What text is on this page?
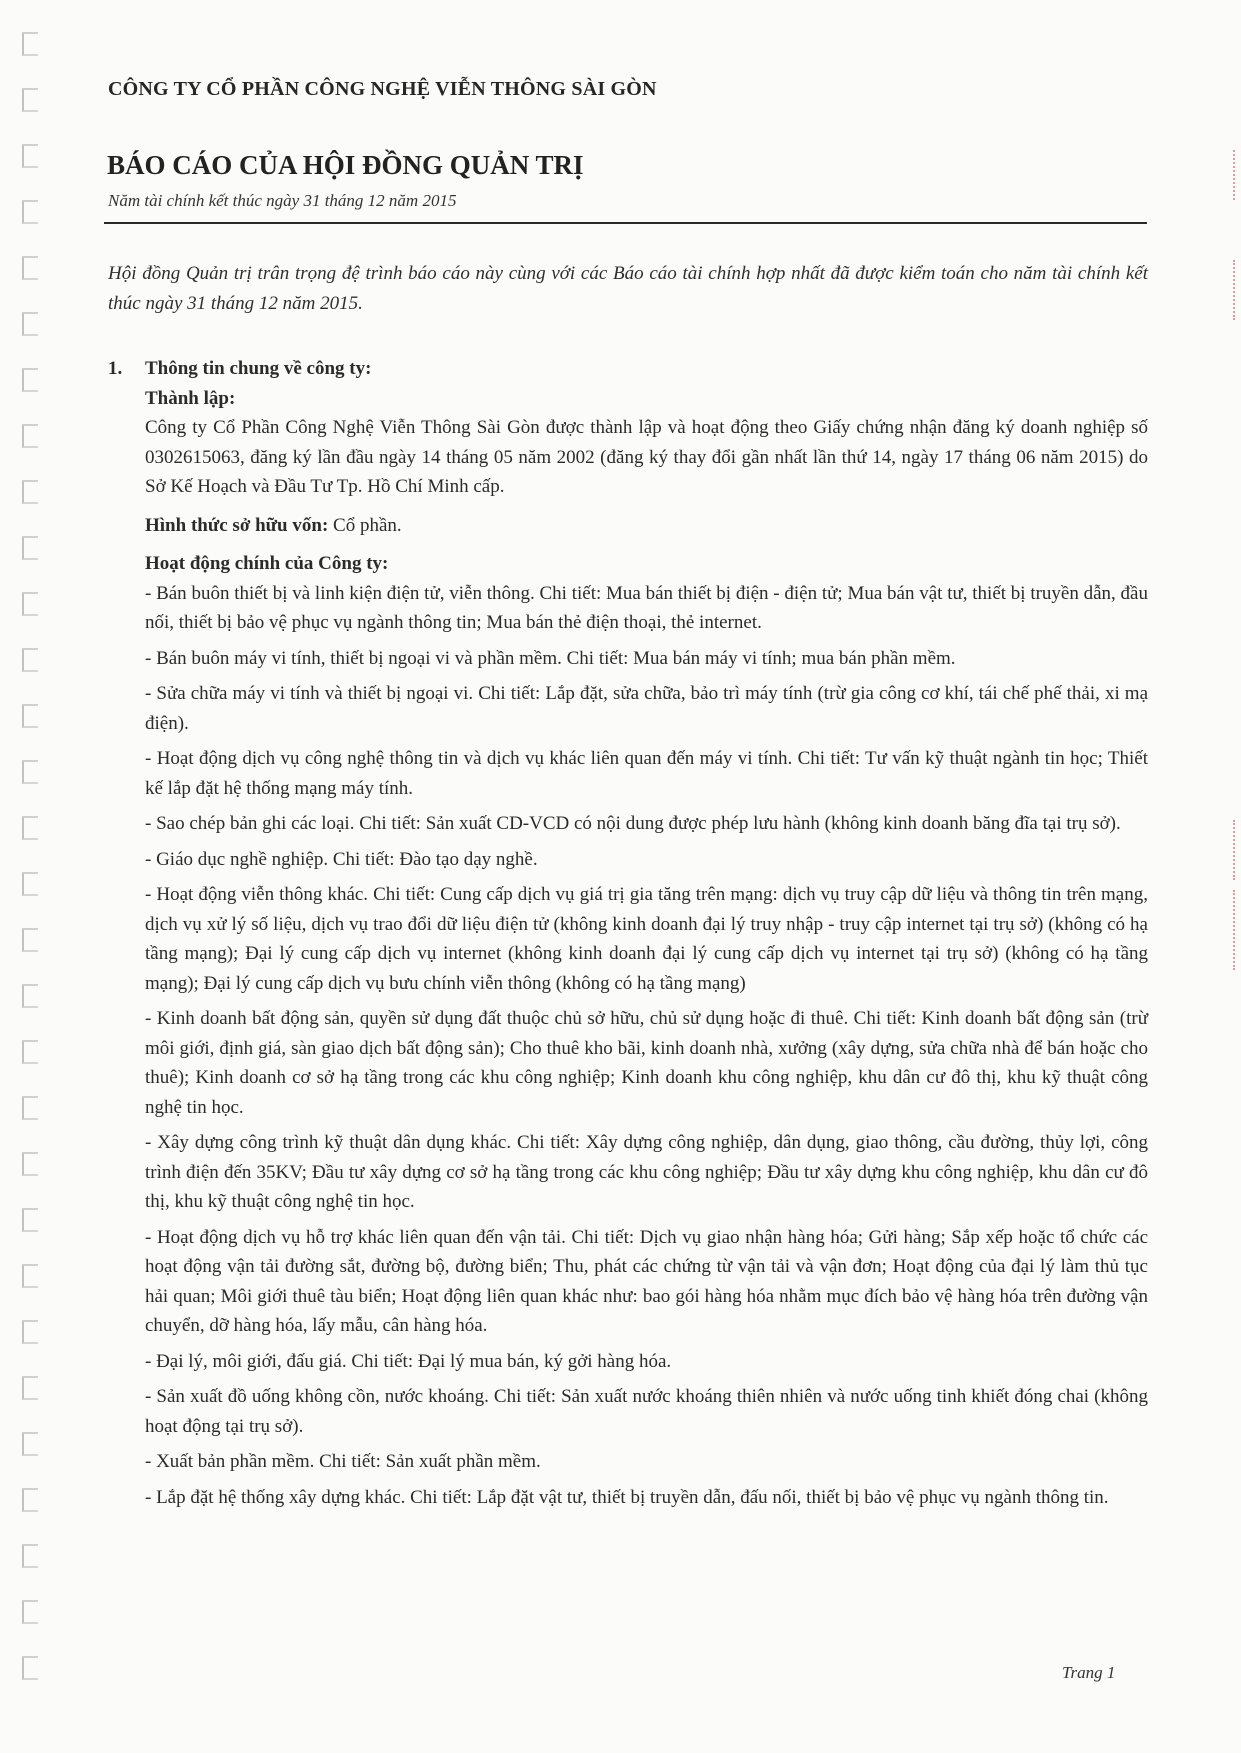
CÔNG TY CỔ PHẦN CÔNG NGHỆ VIỄN THÔNG SÀI GÒN
BÁO CÁO CỦA HỘI ĐỒNG QUẢN TRỊ
Năm tài chính kết thúc ngày 31 tháng 12 năm 2015
Hội đồng Quản trị trân trọng đệ trình báo cáo này cùng với các Báo cáo tài chính hợp nhất đã được kiểm toán cho năm tài chính kết thúc ngày 31 tháng 12 năm 2015.
1.	Thông tin chung về công ty:
Thành lập:
Công ty Cổ Phần Công Nghệ Viễn Thông Sài Gòn được thành lập và hoạt động theo Giấy chứng nhận đăng ký doanh nghiệp số 0302615063, đăng ký lần đầu ngày 14 tháng 05 năm 2002 (đăng ký thay đổi gần nhất lần thứ 14, ngày 17 tháng 06 năm 2015) do Sở Kế Hoạch và Đầu Tư Tp. Hồ Chí Minh cấp.
Hình thức sở hữu vốn: Cổ phần.
Hoạt động chính của Công ty:
- Bán buôn thiết bị và linh kiện điện tử, viễn thông. Chi tiết: Mua bán thiết bị điện - điện tử; Mua bán vật tư, thiết bị truyền dẫn, đầu nối, thiết bị bảo vệ phục vụ ngành thông tin; Mua bán thẻ điện thoại, thẻ internet.
- Bán buôn máy vi tính, thiết bị ngoại vi và phần mềm. Chi tiết: Mua bán máy vi tính; mua bán phần mềm.
- Sửa chữa máy vi tính và thiết bị ngoại vi. Chi tiết: Lắp đặt, sửa chữa, bảo trì máy tính (trừ gia công cơ khí, tái chế phế thải, xi mạ điện).
- Hoạt động dịch vụ công nghệ thông tin và dịch vụ khác liên quan đến máy vi tính. Chi tiết: Tư vấn kỹ thuật ngành tin học; Thiết kế lắp đặt hệ thống mạng máy tính.
- Sao chép bản ghi các loại. Chi tiết: Sản xuất CD-VCD có nội dung được phép lưu hành (không kinh doanh băng đĩa tại trụ sở).
- Giáo dục nghề nghiệp. Chi tiết: Đào tạo dạy nghề.
- Hoạt động viễn thông khác. Chi tiết: Cung cấp dịch vụ giá trị gia tăng trên mạng: dịch vụ truy cập dữ liệu và thông tin trên mạng, dịch vụ xử lý số liệu, dịch vụ trao đổi dữ liệu điện tử (không kinh doanh đại lý truy nhập - truy cập internet tại trụ sở) (không có hạ tầng mạng); Đại lý cung cấp dịch vụ internet (không kinh doanh đại lý cung cấp dịch vụ internet tại trụ sở) (không có hạ tầng mạng); Đại lý cung cấp dịch vụ bưu chính viễn thông (không có hạ tầng mạng)
- Kinh doanh bất động sản, quyền sử dụng đất thuộc chủ sở hữu, chủ sử dụng hoặc đi thuê. Chi tiết: Kinh doanh bất động sản (trừ môi giới, định giá, sàn giao dịch bất động sản); Cho thuê kho bãi, kinh doanh nhà, xưởng (xây dựng, sửa chữa nhà để bán hoặc cho thuê); Kinh doanh cơ sở hạ tầng trong các khu công nghiệp; Kinh doanh khu công nghiệp, khu dân cư đô thị, khu kỹ thuật công nghệ tin học.
- Xây dựng công trình kỹ thuật dân dụng khác. Chi tiết: Xây dựng công nghiệp, dân dụng, giao thông, cầu đường, thủy lợi, công trình điện đến 35KV; Đầu tư xây dựng cơ sở hạ tầng trong các khu công nghiệp; Đầu tư xây dựng khu công nghiệp, khu dân cư đô thị, khu kỹ thuật công nghệ tin học.
- Hoạt động dịch vụ hỗ trợ khác liên quan đến vận tải. Chi tiết: Dịch vụ giao nhận hàng hóa; Gửi hàng; Sắp xếp hoặc tổ chức các hoạt động vận tải đường sắt, đường bộ, đường biển; Thu, phát các chứng từ vận tải và vận đơn; Hoạt động của đại lý làm thủ tục hải quan; Môi giới thuê tàu biển; Hoạt động liên quan khác như: bao gói hàng hóa nhằm mục đích bảo vệ hàng hóa trên đường vận chuyển, dỡ hàng hóa, lấy mẫu, cân hàng hóa.
- Đại lý, môi giới, đấu giá. Chi tiết: Đại lý mua bán, ký gởi hàng hóa.
- Sản xuất đồ uống không cồn, nước khoáng. Chi tiết: Sản xuất nước khoáng thiên nhiên và nước uống tinh khiết đóng chai (không hoạt động tại trụ sở).
- Xuất bản phần mềm. Chi tiết: Sản xuất phần mềm.
- Lắp đặt hệ thống xây dựng khác. Chi tiết: Lắp đặt vật tư, thiết bị truyền dẫn, đấu nối, thiết bị bảo vệ phục vụ ngành thông tin.
Trang 1
